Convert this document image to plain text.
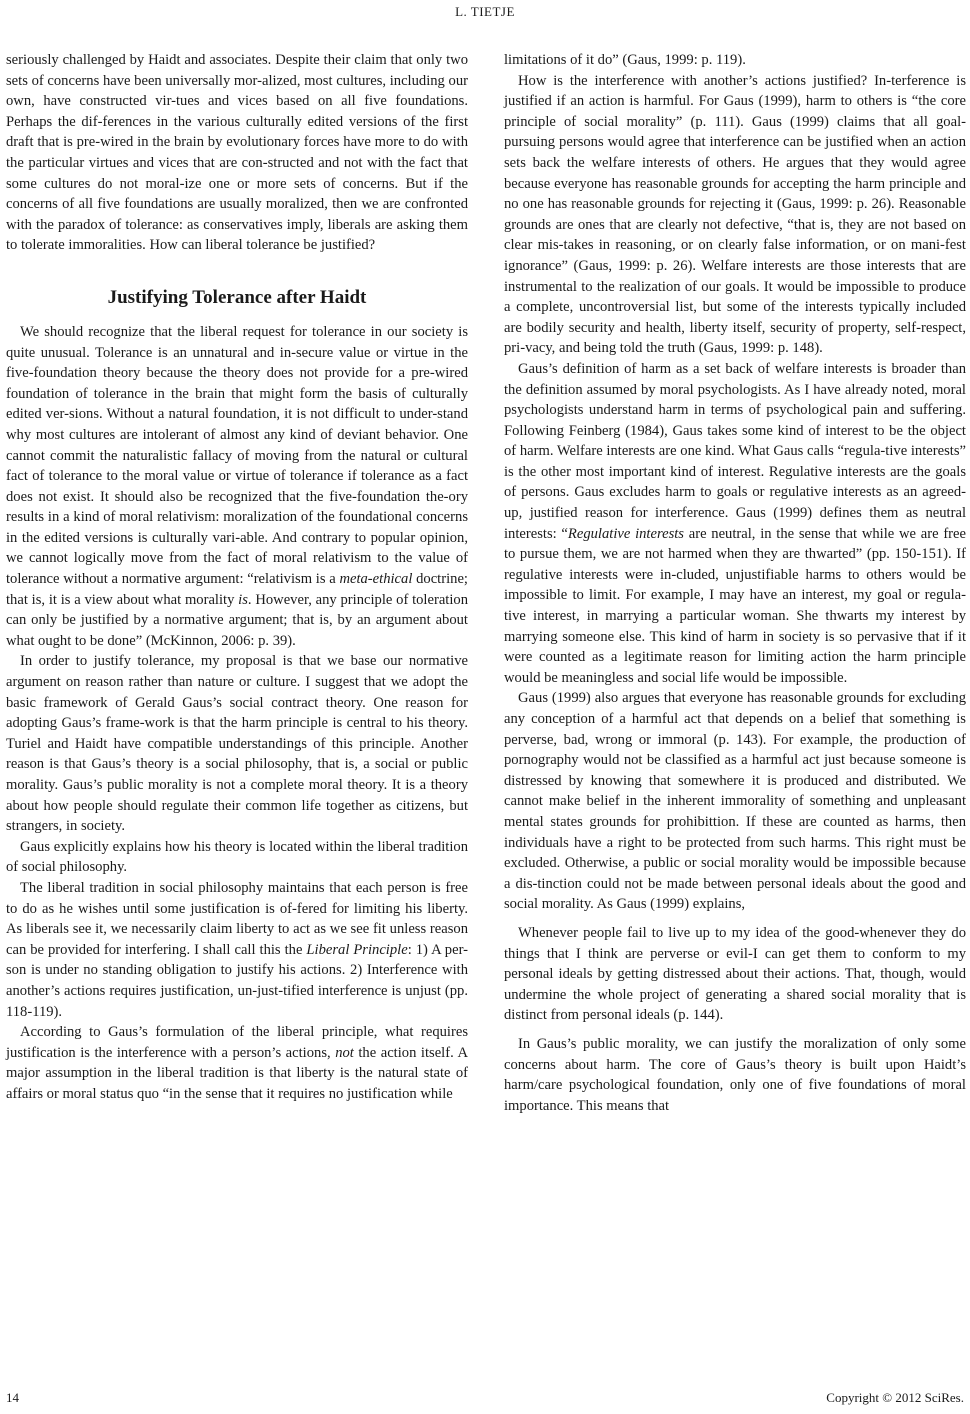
L. TIETJE

seriously challenged by Haidt and associates. Despite their claim that only two sets of concerns have been universally mor-alized, most cultures, including our own, have constructed vir-tues and vices based on all five foundations. Perhaps the dif-ferences in the various culturally edited versions of the first draft that is pre-wired in the brain by evolutionary forces have more to do with the particular virtues and vices that are con-structed and not with the fact that some cultures do not moral-ize one or more sets of concerns. But if the concerns of all five foundations are usually moralized, then we are confronted with the paradox of tolerance: as conservatives imply, liberals are asking them to tolerate immoralities. How can liberal tolerance be justified?

Justifying Tolerance after Haidt

We should recognize that the liberal request for tolerance in our society is quite unusual. Tolerance is an unnatural and in-secure value or virtue in the five-foundation theory because the theory does not provide for a pre-wired foundation of tolerance in the brain that might form the basis of culturally edited ver-sions. Without a natural foundation, it is not difficult to under-stand why most cultures are intolerant of almost any kind of deviant behavior. One cannot commit the naturalistic fallacy of moving from the natural or cultural fact of tolerance to the moral value or virtue of tolerance if tolerance as a fact does not exist. It should also be recognized that the five-foundation the-ory results in a kind of moral relativism: moralization of the foundational concerns in the edited versions is culturally vari-able. And contrary to popular opinion, we cannot logically move from the fact of moral relativism to the value of tolerance without a normative argument: “relativism is a meta-ethical doctrine; that is, it is a view about what morality is. However, any principle of toleration can only be justified by a normative argument; that is, by an argument about what ought to be done” (McKinnon, 2006: p. 39).

In order to justify tolerance, my proposal is that we base our normative argument on reason rather than nature or culture. I suggest that we adopt the basic framework of Gerald Gaus’s social contract theory. One reason for adopting Gaus’s frame-work is that the harm principle is central to his theory. Turiel and Haidt have compatible understandings of this principle. Another reason is that Gaus’s theory is a social philosophy, that is, a social or public morality. Gaus’s public morality is not a complete moral theory. It is a theory about how people should regulate their common life together as citizens, but strangers, in society.

Gaus explicitly explains how his theory is located within the liberal tradition of social philosophy.

The liberal tradition in social philosophy maintains that each person is free to do as he wishes until some justification is of-fered for limiting his liberty. As liberals see it, we necessarily claim liberty to act as we see fit unless reason can be provided for interfering. I shall call this the Liberal Principle: 1) A per-son is under no standing obligation to justify his actions. 2) Interference with another’s actions requires justification, un-just-tified interference is unjust (pp. 118-119).

According to Gaus’s formulation of the liberal principle, what requires justification is the interference with a person’s actions, not the action itself. A major assumption in the liberal tradition is that liberty is the natural state of affairs or moral status quo “in the sense that it requires no justification while

limitations of it do” (Gaus, 1999: p. 119).

How is the interference with another’s actions justified? In-terference is justified if an action is harmful. For Gaus (1999), harm to others is “the core principle of social morality” (p. 111). Gaus (1999) claims that all goal-pursuing persons would agree that interference can be justified when an action sets back the welfare interests of others. He argues that they would agree because everyone has reasonable grounds for accepting the harm principle and no one has reasonable grounds for rejecting it (Gaus, 1999: p. 26). Reasonable grounds are ones that are clearly not defective, “that is, they are not based on clear mis-takes in reasoning, or on clearly false information, or on mani-fest ignorance” (Gaus, 1999: p. 26). Welfare interests are those interests that are instrumental to the realization of our goals. It would be impossible to produce a complete, uncontroversial list, but some of the interests typically included are bodily security and health, liberty itself, security of property, self-respect, pri-vacy, and being told the truth (Gaus, 1999: p. 148).

Gaus’s definition of harm as a set back of welfare interests is broader than the definition assumed by moral psychologists. As I have already noted, moral psychologists understand harm in terms of psychological pain and suffering. Following Feinberg (1984), Gaus takes some kind of interest to be the object of harm. Welfare interests are one kind. What Gaus calls “regula-tive interests” is the other most important kind of interest. Regulative interests are the goals of persons. Gaus excludes harm to goals or regulative interests as an agreed-up, justified reason for interference. Gaus (1999) defines them as neutral interests: “Regulative interests are neutral, in the sense that while we are free to pursue them, we are not harmed when they are thwarted” (pp. 150-151). If regulative interests were in-cluded, unjustifiable harms to others would be impossible to limit. For example, I may have an interest, my goal or regula-tive interest, in marrying a particular woman. She thwarts my interest by marrying someone else. This kind of harm in society is so pervasive that if it were counted as a legitimate reason for limiting action the harm principle would be meaningless and social life would be impossible.

Gaus (1999) also argues that everyone has reasonable grounds for excluding any conception of a harmful act that depends on a belief that something is perverse, bad, wrong or immoral (p. 143). For example, the production of pornography would not be classified as a harmful act just because someone is distressed by knowing that somewhere it is produced and distributed. We cannot make belief in the inherent immorality of something and unpleasant mental states grounds for prohibittion. If these are counted as harms, then individuals have a right to be protected from such harms. This right must be excluded. Otherwise, a public or social morality would be impossible because a dis-tinction could not be made between personal ideals about the good and social morality. As Gaus (1999) explains,

Whenever people fail to live up to my idea of the good-whenever they do things that I think are perverse or evil-I can get them to conform to my personal ideals by getting distressed about their actions. That, though, would undermine the whole project of generating a shared social morality that is distinct from personal ideals (p. 144).

In Gaus’s public morality, we can justify the moralization of only some concerns about harm. The core of Gaus’s theory is built upon Haidt’s harm/care psychological foundation, only one of five foundations of moral importance. This means that

14	Copyright © 2012 SciRes.
